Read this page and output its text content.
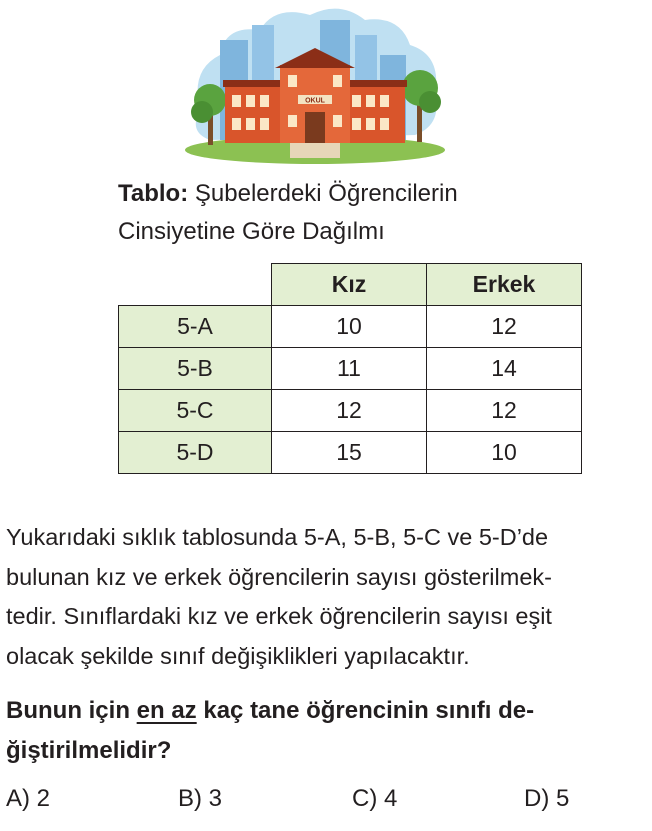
OKUL
Tablo: Şubelerdeki Öğrencilerin
Cinsiyetine Göre Dağılmı
	Kız	Erkek
5-A	10	12
5-B	11	14
5-C	12	12
5-D	15	10
Yukarıdaki sıklık tablosunda 5-A, 5-B, 5-C ve 5-D’de
bulunan kız ve erkek öğrencilerin sayısı gösterilmek-
tedir. Sınıflardaki kız ve erkek öğrencilerin sayısı eşit
olacak şekilde sınıf değişiklikleri yapılacaktır.
Bunun için en az kaç tane öğrencinin sınıfı de-
ğiştirilmelidir?
A) 2	B) 3	C) 4	D) 5
